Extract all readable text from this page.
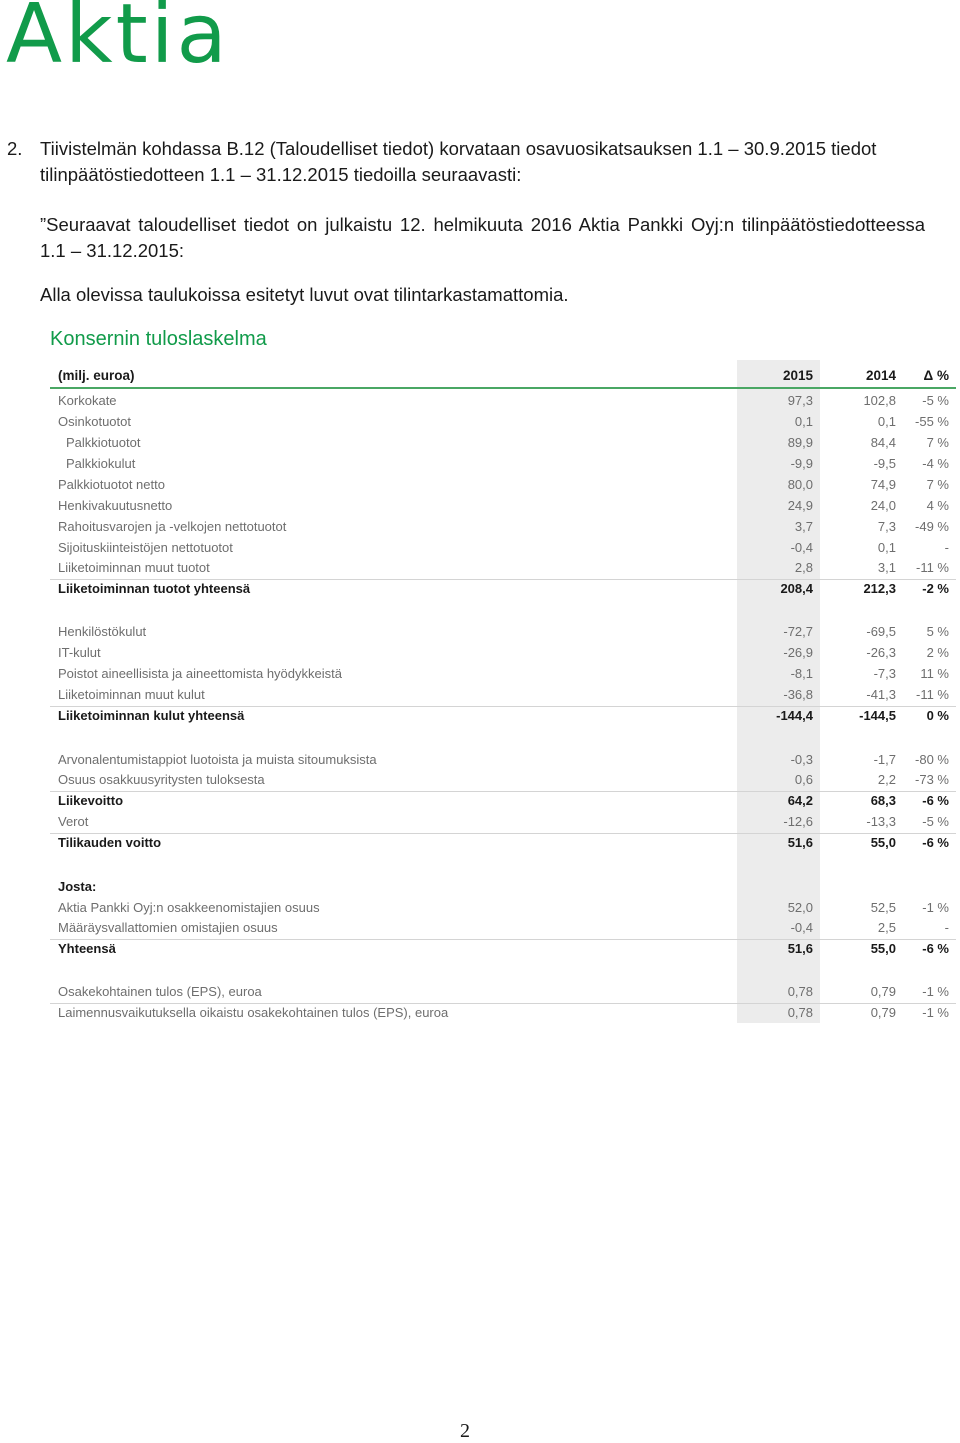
Aktia
2. Tiivistelmän kohdassa B.12 (Taloudelliset tiedot) korvataan osavuosikatsauksen 1.1 – 30.9.2015 tiedot tilinpäätöstiedotteen 1.1 – 31.12.2015 tiedoilla seuraavasti:
”Seuraavat taloudelliset tiedot on julkaistu 12. helmikuuta 2016 Aktia Pankki Oyj:n tilinpäätöstiedotteessa 1.1 – 31.12.2015:
Alla olevissa taulukoissa esitetyt luvut ovat tilintarkastamattomia.
Konsernin tuloslaskelma
(milj. euroa)	2015	2014 Δ %
Korkokate	97,3	102,8 -5 %
Osinkotuotot	0,1	0,1 -55 %
Palkkiotuotot	89,9	84,4 7 %
Palkkiokulut	-9,9	-9,5 -4 %
Palkkiotuotot netto	80,0	74,9 7 %
Henkivakuutusnetto	24,9	24,0 4 %
Rahoitusvarojen ja -velkojen nettotuotot	3,7	7,3 -49 %
Sijoituskiinteistöjen nettotuotot	-0,4	0,1	-
Liiketoiminnan muut tuotot	2,8	3,1 -11 %
Liiketoiminnan tuotot yhteensä	208,4	212,3 -2 %
Henkilöstökulut	-72,7	-69,5 5 %
IT-kulut	-26,9	-26,3 2 %
Poistot aineellisista ja aineettomista hyödykkeistä	-8,1	-7,3 11 %
Liiketoiminnan muut kulut	-36,8	-41,3 -11 %
Liiketoiminnan kulut yhteensä	-144,4	-144,5 0 %
Arvonalentumistappiot luotoista ja muista sitoumuksista	-0,3	-1,7 -80 %
Osuus osakkuusyritysten tuloksesta	0,6	2,2 -73 %
Liikevoitto	64,2	68,3 -6 %
Verot	-12,6	-13,3 -5 %
Tilikauden voitto	51,6	55,0 -6 %
Josta:
Aktia Pankki Oyj:n osakkeenomistajien osuus	52,0	52,5 -1 %
Määräysvallattomien omistajien osuus	-0,4	2,5	-
Yhteensä	51,6	55,0 -6 %
Osakekohtainen tulos (EPS), euroa	0,78	0,79 -1 %
Laimennusvaikutuksella oikaistu osakekohtainen tulos (EPS), euroa	0,78	0,79 -1 %
2
